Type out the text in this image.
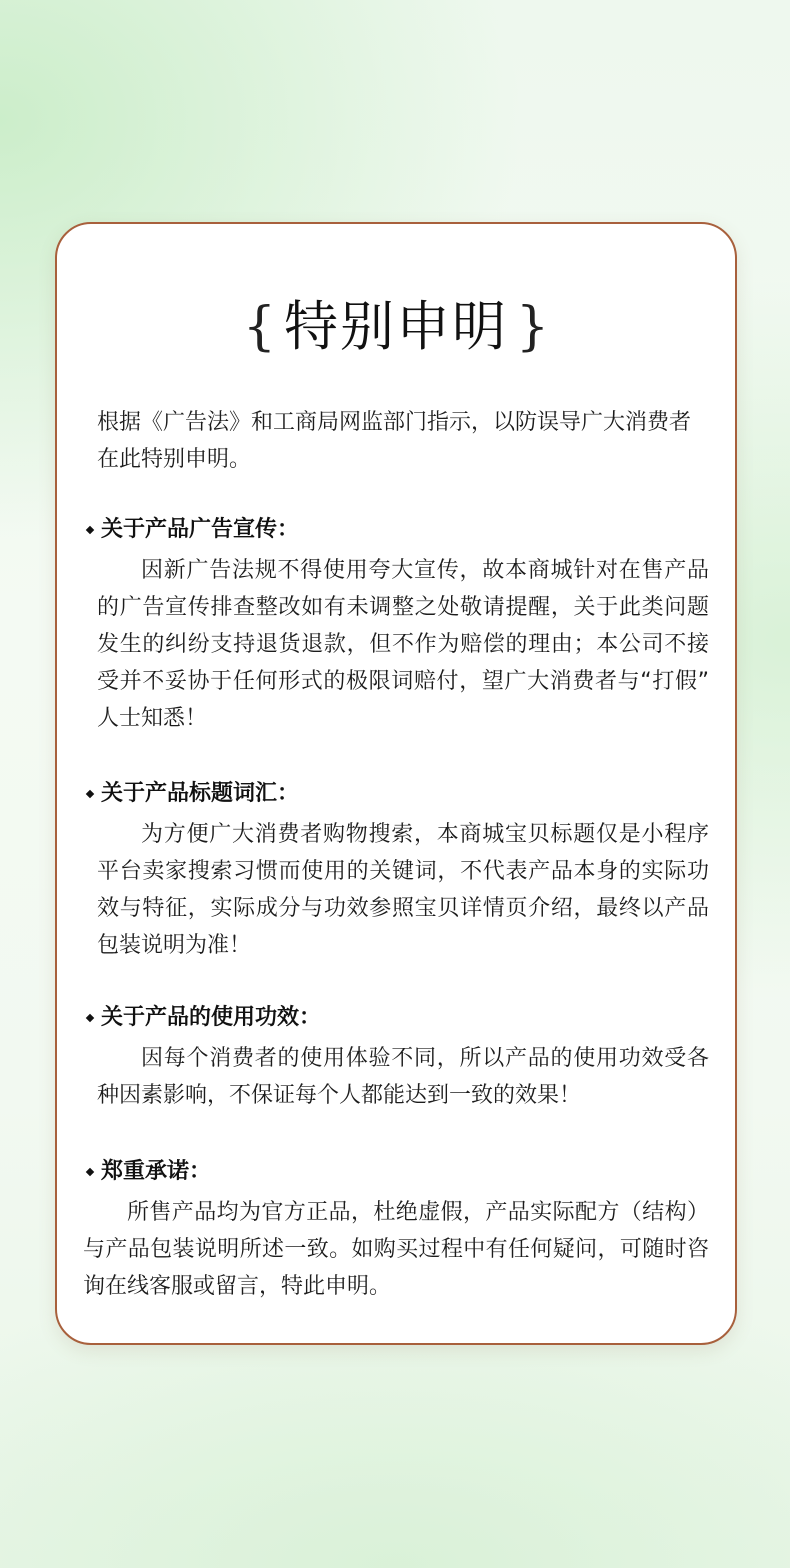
{ 特别申明 }

根据《广告法》和工商局网监部门指示，以防误导广大消费者在此特别申明。

关于产品广告宣传：

因新广告法规不得使用夸大宣传，故本商城针对在售产品的广告宣传排查整改如有未调整之处敬请提醒，关于此类问题发生的纠纷支持退货退款，但不作为赔偿的理由；本公司不接受并不妥协于任何形式的极限词赔付，望广大消费者与“打假” 人士知悉！

关于产品标题词汇：

为方便广大消费者购物搜索，本商城宝贝标题仅是小程序平台卖家搜索习惯而使用的关键词，不代表产品本身的实际功效与特征，实际成分与功效参照宝贝详情页介绍，最终以产品包装说明为准！

关于产品的使用功效：

因每个消费者的使用体验不同，所以产品的使用功效受各种因素影响，不保证每个人都能达到一致的效果！

郑重承诺：

所售产品均为官方正品，杜绝虚假，产品实际配方（结构）与产品包装说明所述一致。如购买过程中有任何疑问，可随时咨询在线客服或留言，特此申明。
